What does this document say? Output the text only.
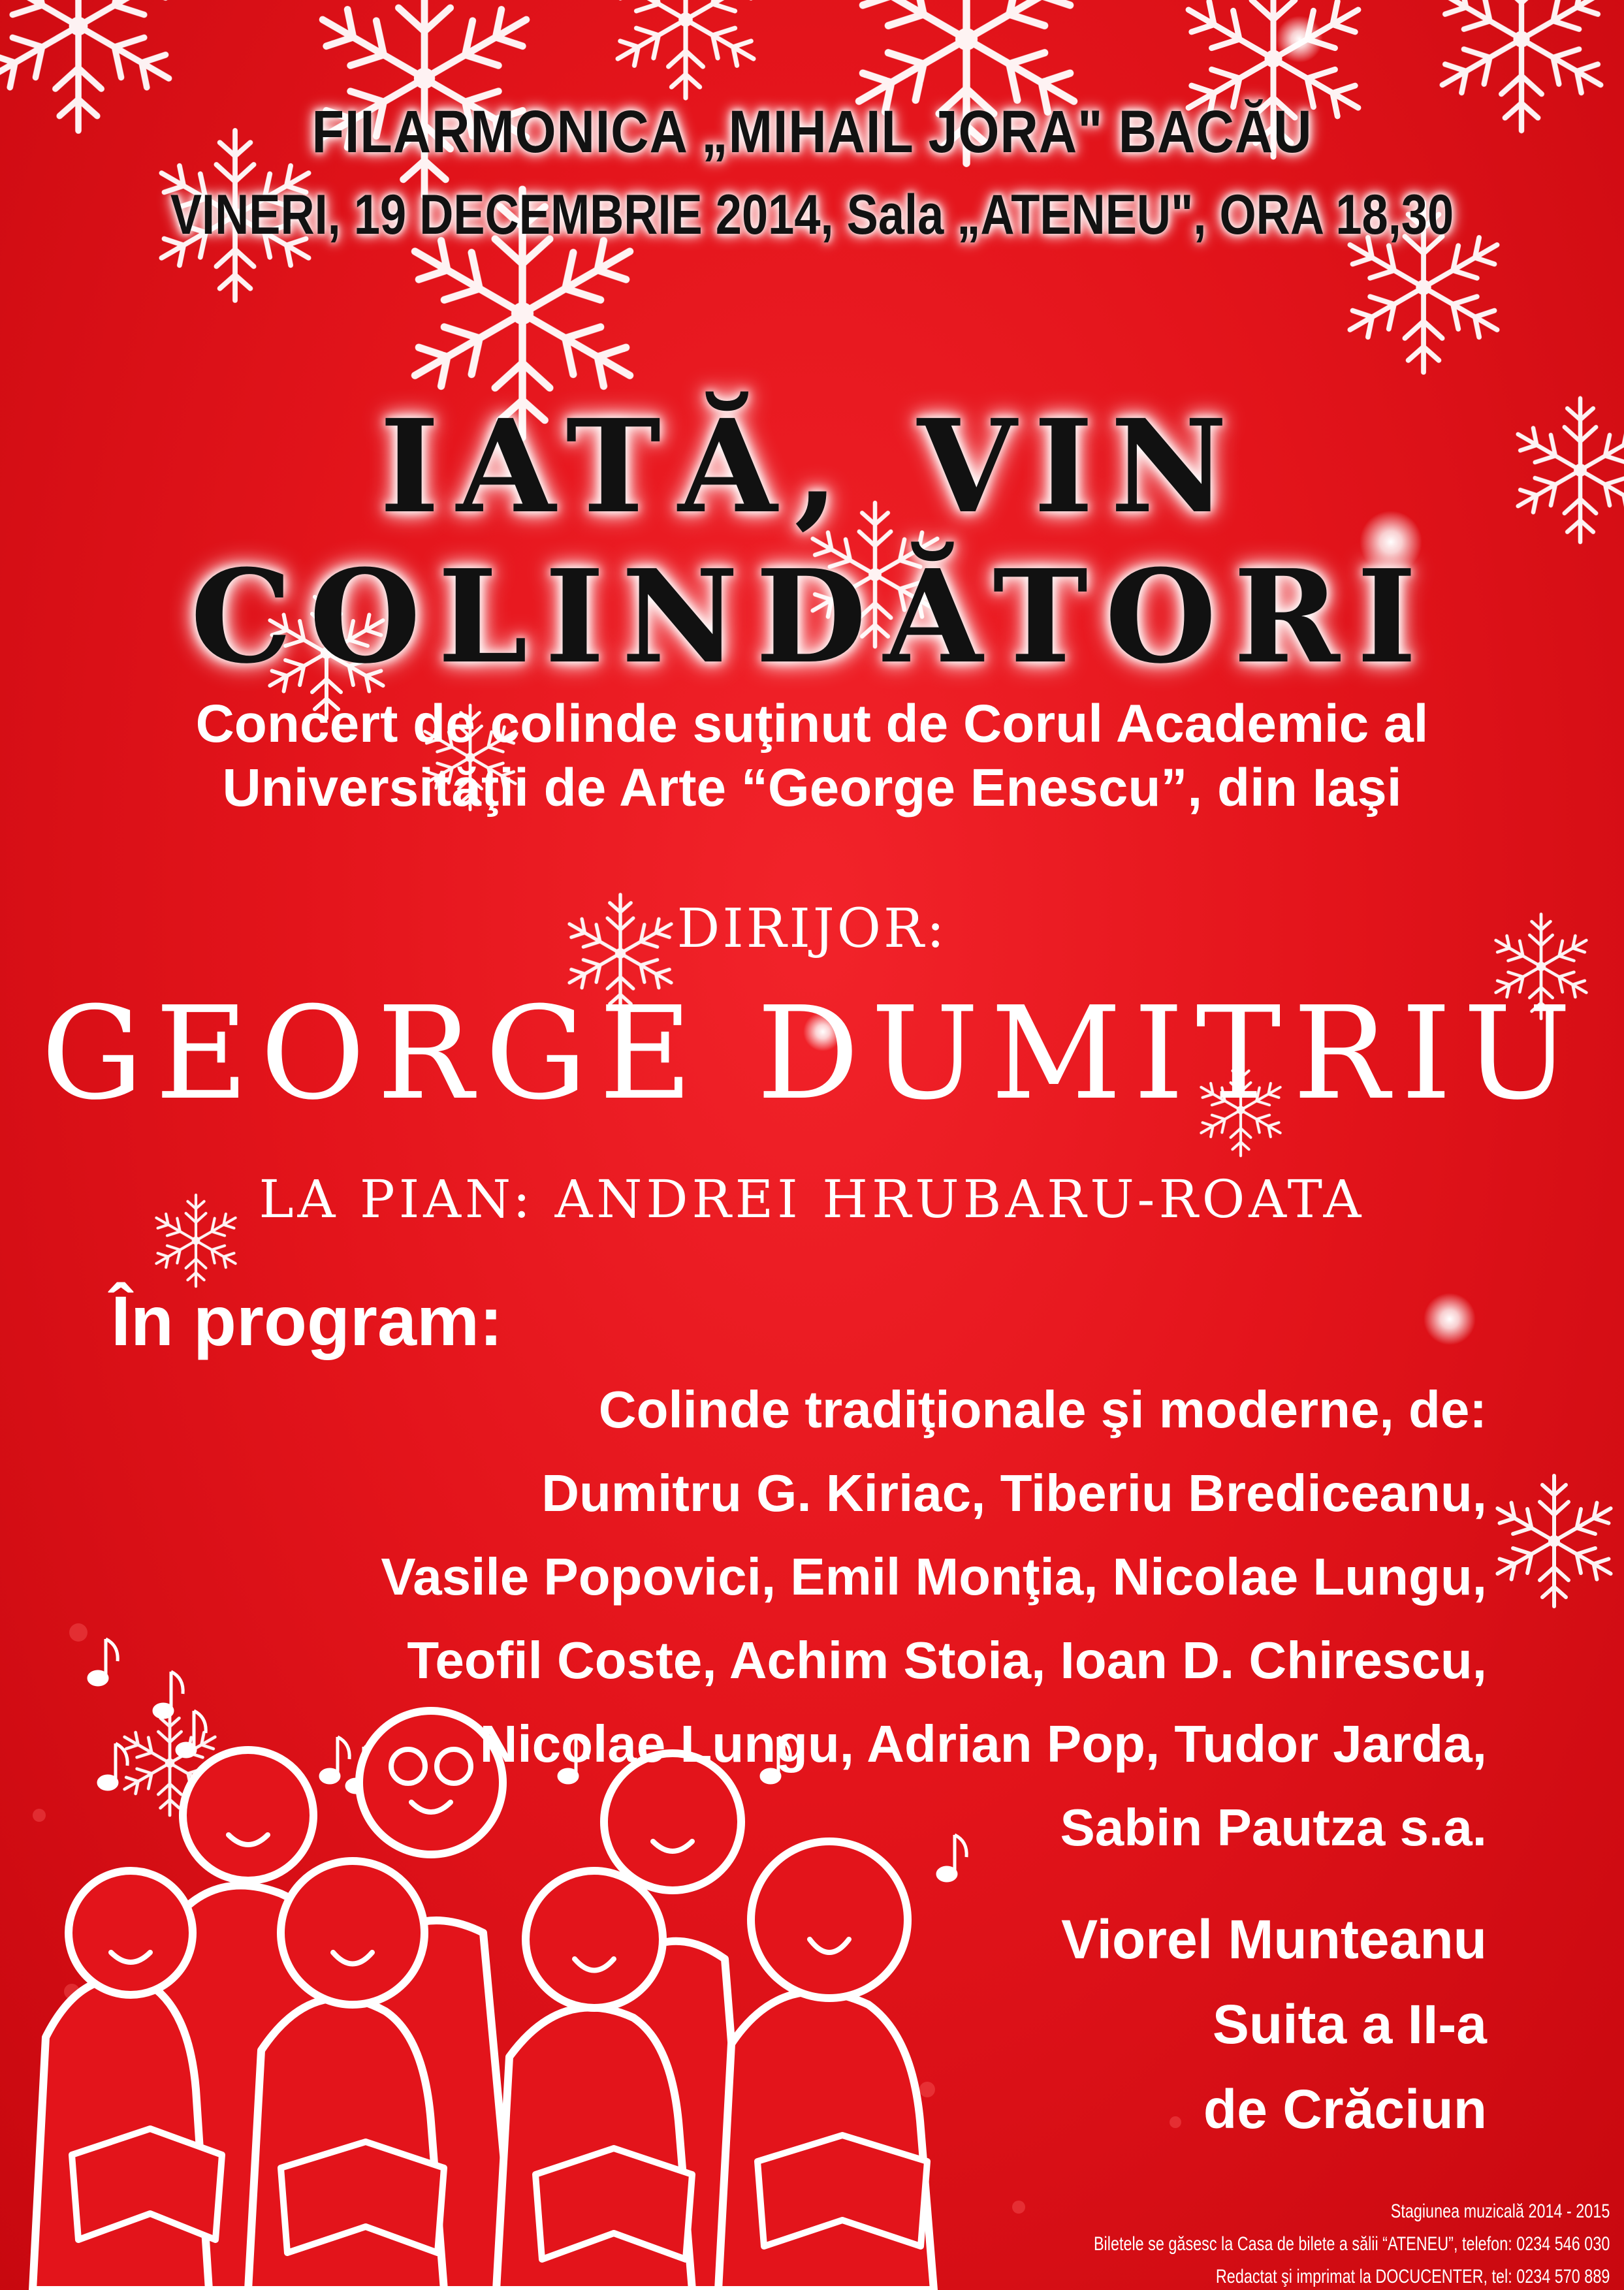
FILARMONICA „MIHAIL JORA" BACĂU

VINERI, 19 DECEMBRIE 2014, Sala „ATENEU", ORA 18,30

IATĂ, VIN COLINDĂTORI

Concert de colinde suţinut de Corul Academic al
Universităţii de Arte “George Enescu”, din Iaşi

DIRIJOR:

GEORGE DUMITRIU

LA PIAN: ANDREI HRUBARU-ROATA

În program:

Colinde tradiţionale şi moderne, de:
Dumitru G. Kiriac, Tiberiu Brediceanu,
Vasile Popovici, Emil Monţia, Nicolae Lungu,
Teofil Coste, Achim Stoia, Ioan D. Chirescu,
Nicolae Lungu, Adrian Pop, Tudor Jarda,
Sabin Pautza s.a.
Viorel Munteanu
Suita a II-a
de Crăciun
Stagiunea muzicală 2014 - 2015
Biletele se găsesc la Casa de bilete a sălii “ATENEU”, telefon: 0234 546 030
Redactat şi imprimat la DOCUCENTER, tel: 0234 570 889
